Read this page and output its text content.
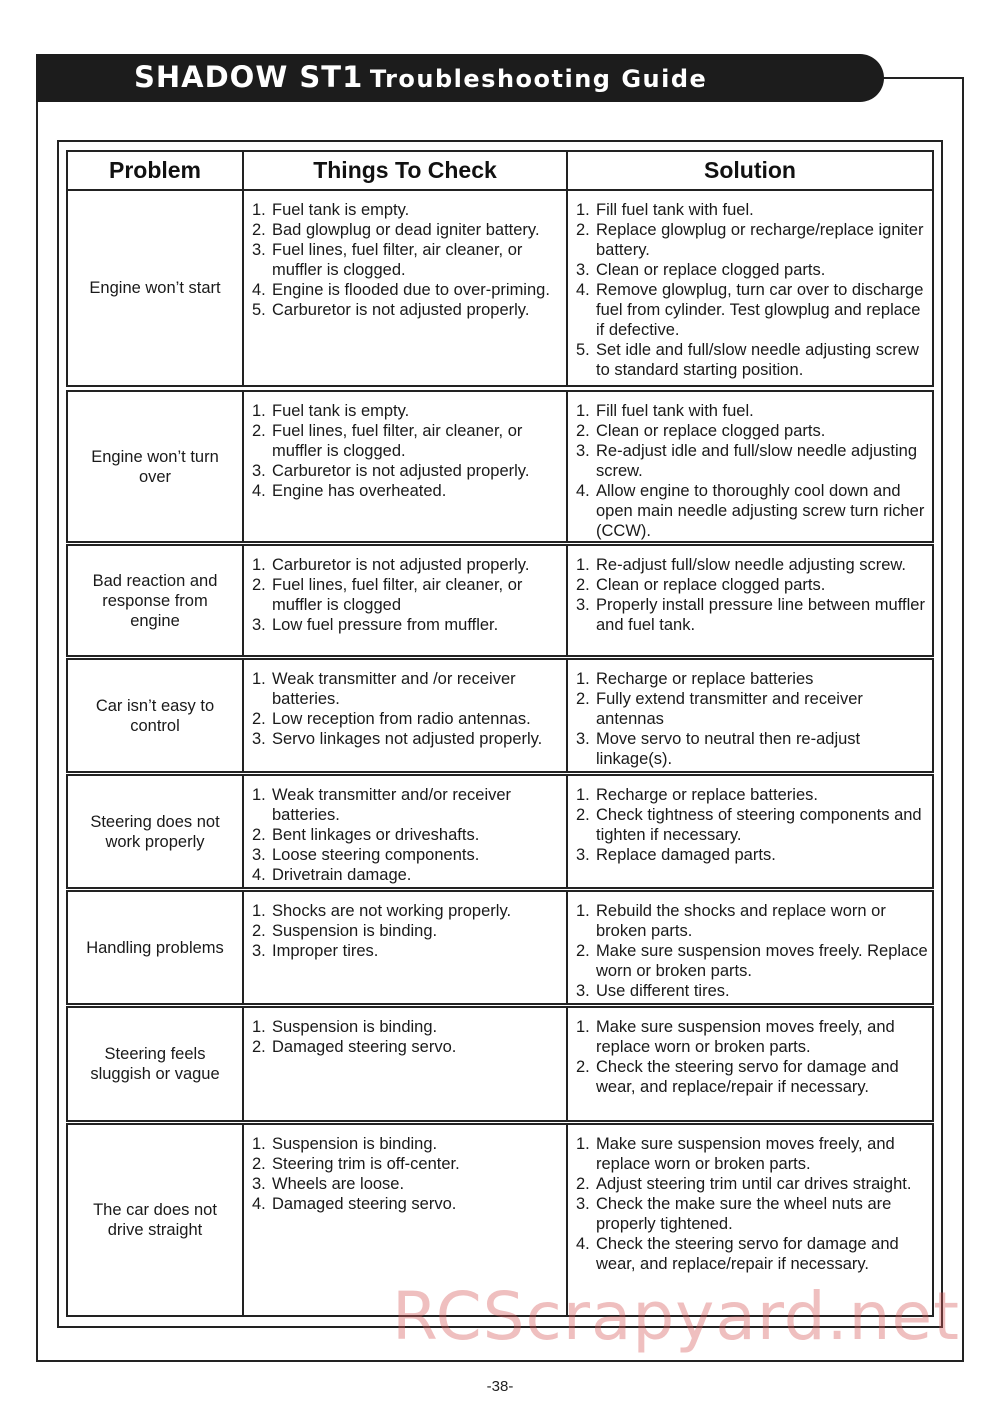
SHADOW ST1 Troubleshooting Guide
Problem	Things To Check	Solution
Engine won’t start
1. Fuel tank is empty.
2. Bad glowplug or dead igniter battery.
3. Fuel lines, fuel filter, air cleaner, or muffler is clogged.
4. Engine is flooded due to over-priming.
5. Carburetor is not adjusted properly.
1. Fill fuel tank with fuel.
2. Replace glowplug or recharge/replace igniter battery.
3. Clean or replace clogged parts.
4. Remove glowplug, turn car over to discharge fuel from cylinder. Test glowplug and replace if defective.
5. Set idle and full/slow needle adjusting screw to standard starting position.
Engine won’t turn
over
1. Fuel tank is empty.
2. Fuel lines, fuel filter, air cleaner, or muffler is clogged.
3. Carburetor is not adjusted properly.
4. Engine has overheated.
1. Fill fuel tank with fuel.
2. Clean or replace clogged parts.
3. Re-adjust idle and full/slow needle adjusting screw.
4. Allow engine to thoroughly cool down and open main needle adjusting screw turn richer (CCW).
Bad reaction and
response from
engine
1. Carburetor is not adjusted properly.
2. Fuel lines, fuel filter, air cleaner, or muffler is clogged
3. Low fuel pressure from muffler.
1. Re-adjust full/slow needle adjusting screw.
2. Clean or replace clogged parts.
3. Properly install pressure line between muffler and fuel tank.
Car isn’t easy to
control
1. Weak transmitter and /or receiver batteries.
2. Low reception from radio antennas.
3. Servo linkages not adjusted properly.
1. Recharge or replace batteries
2. Fully extend transmitter and receiver antennas
3. Move servo to neutral then re-adjust linkage(s).
Steering does not
work properly
1. Weak transmitter and/or receiver batteries.
2. Bent linkages or driveshafts.
3. Loose steering components.
4. Drivetrain damage.
1. Recharge or replace batteries.
2. Check tightness of steering components and tighten if necessary.
3. Replace damaged parts.
Handling problems
1. Shocks are not working properly.
2. Suspension is binding.
3. Improper tires.
1. Rebuild the shocks and replace worn or broken parts.
2. Make sure suspension moves freely. Replace worn or broken parts.
3. Use different tires.
Steering feels
sluggish or vague
1. Suspension is binding.
2. Damaged steering servo.
1. Make sure suspension moves freely, and replace worn or broken parts.
2. Check the steering servo for damage and wear, and replace/repair if necessary.
The car does not
drive straight
1. Suspension is binding.
2. Steering trim is off-center.
3. Wheels are loose.
4. Damaged steering servo.
1. Make sure suspension moves freely, and replace worn or broken parts.
2. Adjust steering trim until car drives straight.
3. Check the make sure the wheel nuts are properly tightened.
4. Check the steering servo for damage and wear, and replace/repair if necessary.
-38-
RCScrapyard.net
